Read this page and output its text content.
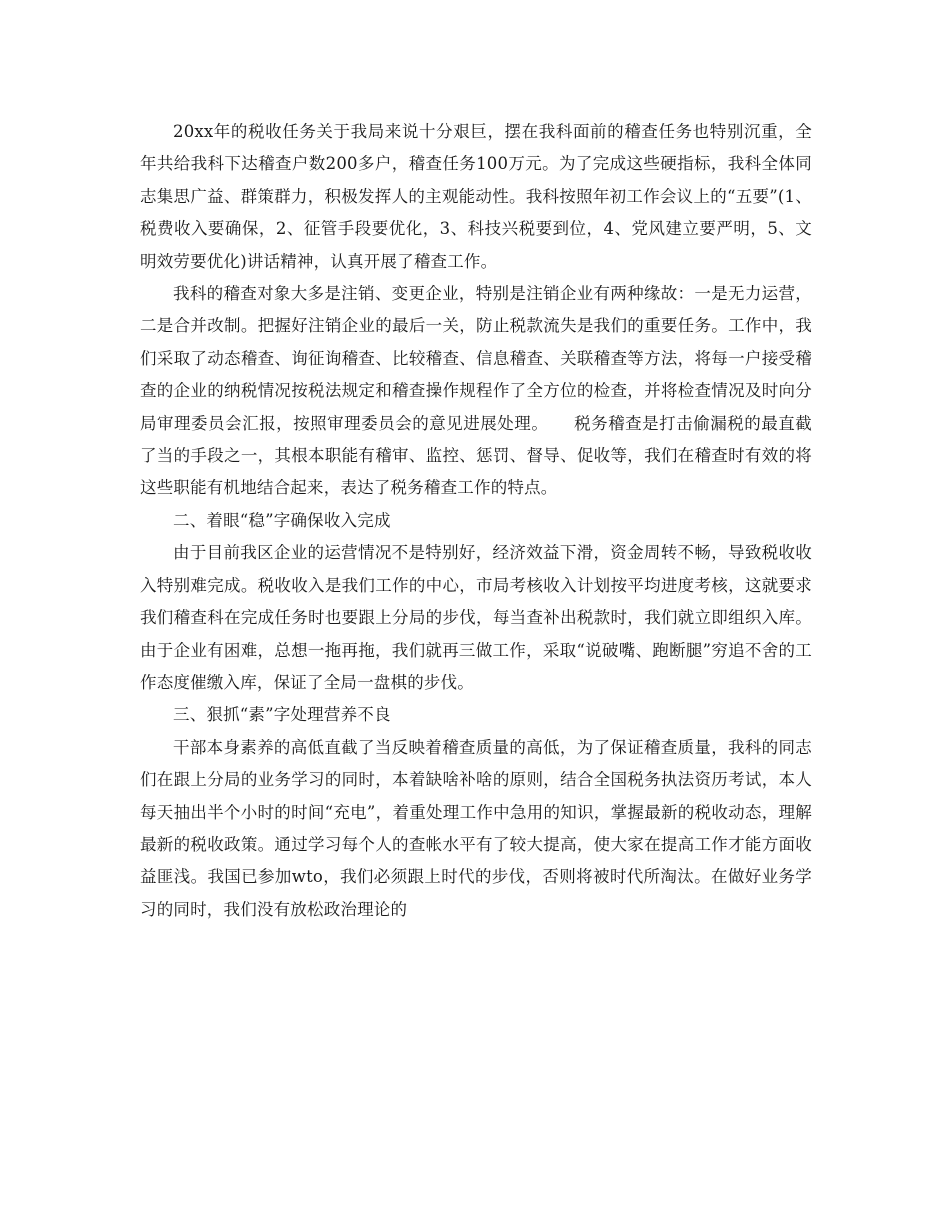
20xx年的税收任务关于我局来说十分艰巨，摆在我科面前的稽查任务也特别沉重，全年共给我科下达稽查户数200多户，稽查任务100万元。为了完成这些硬指标，我科全体同志集思广益、群策群力，积极发挥人的主观能动性。我科按照年初工作会议上的“五要”(1、税费收入要确保，2、征管手段要优化，3、科技兴税要到位，4、党风建立要严明，5、文明效劳要优化)讲话精神，认真开展了稽查工作。

我科的稽查对象大多是注销、变更企业，特别是注销企业有两种缘故：一是无力运营，二是合并改制。把握好注销企业的最后一关，防止税款流失是我们的重要任务。工作中，我们采取了动态稽查、询征询稽查、比较稽查、信息稽查、关联稽查等方法，将每一户接受稽查的企业的纳税情况按税法规定和稽查操作规程作了全方位的检查，并将检查情况及时向分局审理委员会汇报，按照审理委员会的意见进展处理。　　税务稽查是打击偷漏税的最直截了当的手段之一，其根本职能有稽审、监控、惩罚、督导、促收等，我们在稽查时有效的将这些职能有机地结合起来，表达了税务稽查工作的特点。

二、着眼“稳”字确保收入完成

由于目前我区企业的运营情况不是特别好，经济效益下滑，资金周转不畅，导致税收收入特别难完成。税收收入是我们工作的中心，市局考核收入计划按平均进度考核，这就要求我们稽查科在完成任务时也要跟上分局的步伐，每当查补出税款时，我们就立即组织入库。由于企业有困难，总想一拖再拖，我们就再三做工作，采取“说破嘴、跑断腿”穷追不舍的工作态度催缴入库，保证了全局一盘棋的步伐。

三、狠抓“素”字处理营养不良

干部本身素养的高低直截了当反映着稽查质量的高低，为了保证稽查质量，我科的同志们在跟上分局的业务学习的同时，本着缺啥补啥的原则，结合全国税务执法资历考试，本人每天抽出半个小时的时间“充电”，着重处理工作中急用的知识，掌握最新的税收动态，理解最新的税收政策。通过学习每个人的查帐水平有了较大提高，使大家在提高工作才能方面收益匪浅。我国已参加wto，我们必须跟上时代的步伐，否则将被时代所淘汰。在做好业务学习的同时，我们没有放松政治理论的
